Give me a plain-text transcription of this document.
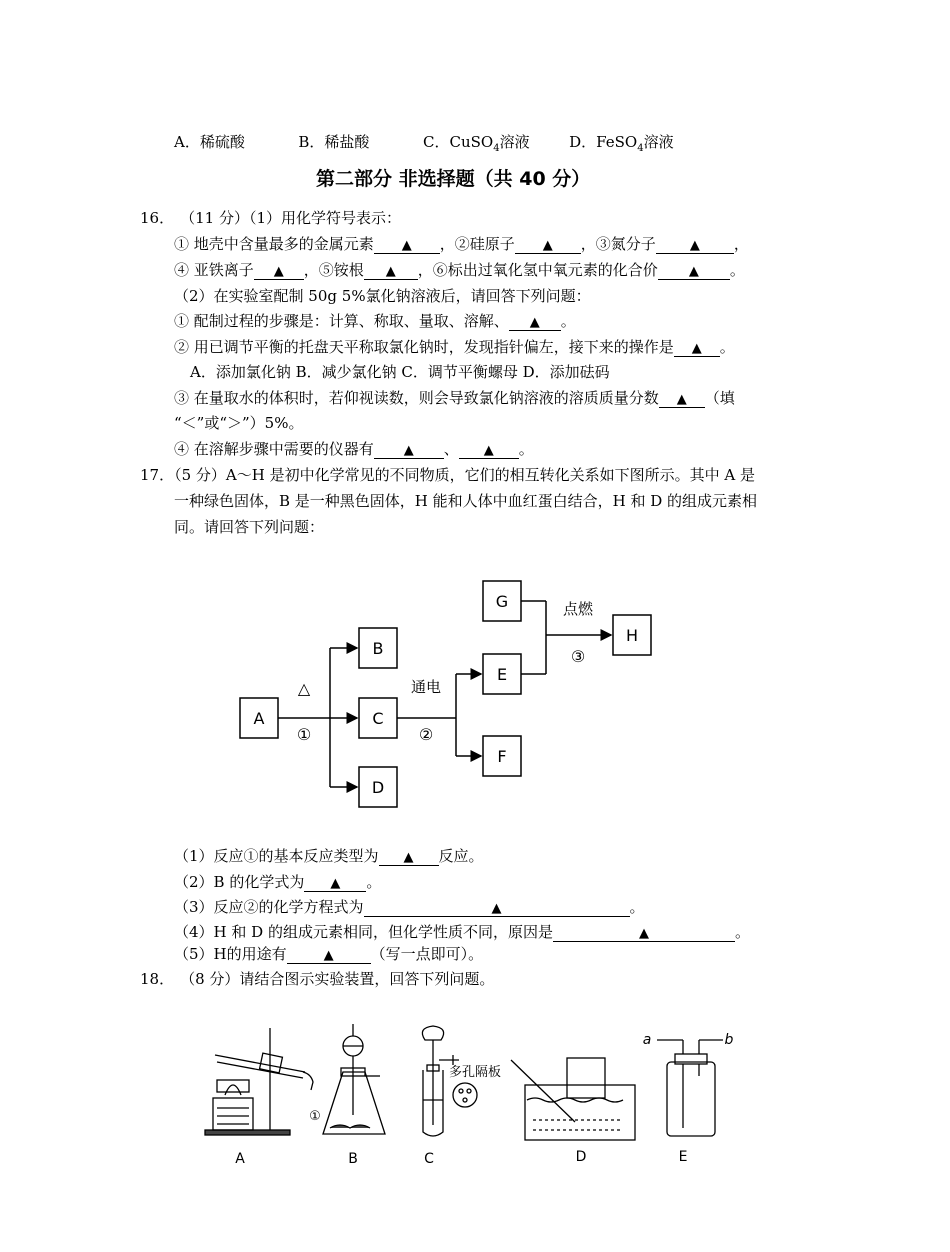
A．稀硫酸	B．稀盐酸	C．CuSO$_4$溶液	D．FeSO$_4$溶液
第二部分 非选择题（共 40 分）
16． （11 分）（1）用化学符号表示：
① 地壳中含量最多的金属元素 ▲ ，②硅原子 ▲ ，③氮分子	▲ ，
④ 亚铁离子 ▲ ，⑤铵根 ▲ ，⑥标出过氧化氢中氧元素的化合价 ▲ 。
（2）在实验室配制 50g 5%氯化钠溶液后，请回答下列问题：
① 配制过程的步骤是：计算、称取、量取、溶解、 ▲ 。
② 用已调节平衡的托盘天平称取氯化钠时，发现指针偏左，接下来的操作是 ▲ 。
A．添加氯化钠 B．减少氯化钠 C．调节平衡螺母 D．添加砝码
③ 在量取水的体积时，若仰视读数，则会导致氯化钠溶液的溶质质量分数 ▲ （填
“＜”或“＞”）5%。
④ 在溶解步骤中需要的仪器有 ▲ 、 ▲ 。
17．（5 分）A～H 是初中化学常见的不同物质，它们的相互转化关系如下图所示。其中 A 是
一种绿色固体，B 是一种黑色固体，H 能和人体中血红蛋白结合，H 和 D 的组成元素相
同。请回答下列问题：
A
B
C
D
E
F
G
H
△
①
通电
②
点燃
③
（1）反应①的基本反应类型为 ▲ 反应。
（2）B 的化学式为 ▲ 。
（3）反应②的化学方程式为	▲	。
（4）H 和 D 的组成元素相同，但化学性质不同，原因是	▲	。
（5）H的用途有	▲ （写一点即可）。
18． （8 分）请结合图示实验装置，回答下列问题。
A	B	C	D	E
多孔隔板
①
a	b
